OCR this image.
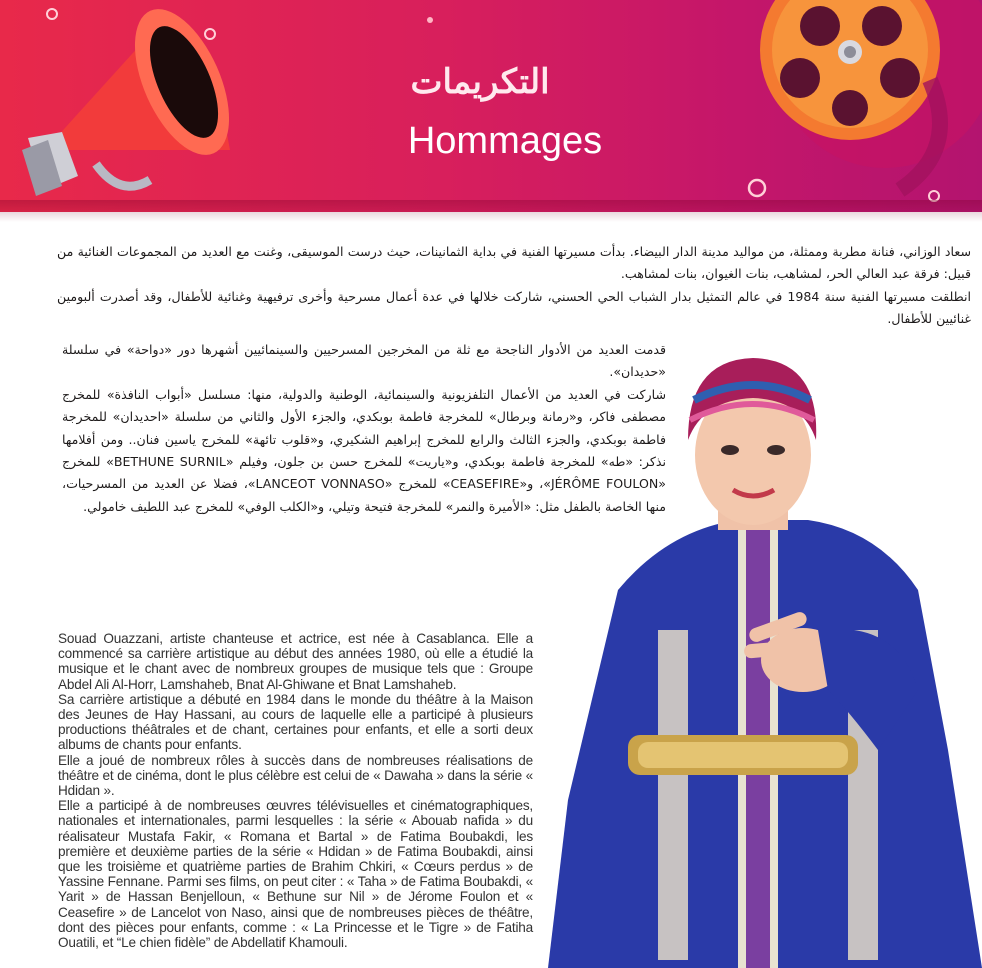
التكريمات
Hommages

سعاد الوزاني، فنانة مطربة وممثلة، من مواليد مدينة الدار البيضاء. بدأت مسيرتها الفنية في بداية الثمانينات، حيث درست الموسيقى، وغنت مع العديد من المجموعات الغنائية من قبيل: فرقة عبد العالي الحر، لمشاهب، بنات الغيوان، بنات لمشاهب.

انطلقت مسيرتها الفنية سنة 1984 في عالم التمثيل بدار الشباب الحي الحسني، شاركت خلالها في عدة أعمال مسرحية وأخرى ترفيهية وغنائية للأطفال، وقد أصدرت ألبومين غنائيين للأطفال.

قدمت العديد من الأدوار الناجحة مع ثلة من المخرجين المسرحيين والسينمائيين أشهرها دور «دواحة» في سلسلة «حديدان».

شاركت في العديد من الأعمال التلفزيونية والسينمائية، الوطنية والدولية، منها: مسلسل «أبواب النافذة» للمخرج مصطفى فاكر، و«رمانة وبرطال» للمخرجة فاطمة بوبكدي، والجزء الأول والثاني من سلسلة «احديدان» للمخرجة فاطمة بوبكدي، والجزء الثالث والرابع للمخرج إبراهيم الشكيري، و«قلوب تائهة» للمخرج ياسين فنان.. ومن أفلامها نذكر: «طه» للمخرجة فاطمة بوبكدي، و«ياريت» للمخرج حسن بن جلون، وفيلم «BETHUNE SURNIL» للمخرج «JÉRÔME FOULON»، و«CEASEFIRE» للمخرج «LANCEOT VONNASO»، فضلا عن العديد من المسرحيات، منها الخاصة بالطفل مثل: «الأميرة والنمر» للمخرجة فتيحة وتيلي، و«الكلب الوفي» للمخرج عبد اللطيف خامولي.

Souad Ouazzani, artiste chanteuse et actrice, est née à Casablanca. Elle a commencé sa carrière artistique au début des années 1980, où elle a étudié la musique et le chant avec de nombreux groupes de musique tels que : Groupe Abdel Ali Al-Horr, Lamshaheb, Bnat Al-Ghiwane et Bnat Lamshaheb.

Sa carrière artistique a débuté en 1984 dans le monde du théâtre à la Maison des Jeunes de Hay Hassani, au cours de laquelle elle a participé à plusieurs productions théâtrales et de chant, certaines pour enfants, et elle a sorti deux albums de chants pour enfants.

Elle a joué de nombreux rôles à succès dans de nombreuses réalisations de théâtre et de cinéma, dont le plus célèbre est celui de « Dawaha » dans la série « Hdidan ».

Elle a participé à de nombreuses œuvres télévisuelles et cinématographiques, nationales et internationales, parmi lesquelles : la série « Abouab nafida » du réalisateur Mustafa Fakir, « Romana et Bartal » de Fatima Boubakdi, les première et deuxième parties de la série « Hdidan » de Fatima Boubakdi, ainsi que les troisième et quatrième parties de Brahim Chkiri, « Cœurs perdus » de Yassine Fennane. Parmi ses films, on peut citer : « Taha » de Fatima Boubakdi, « Yarit » de Hassan Benjelloun, « Bethune sur Nil » de Jérome Foulon et « Ceasefire » de Lancelot von Naso, ainsi que de nombreuses pièces de théâtre, dont des pièces pour enfants, comme : « La Princesse et le Tigre » de Fatiha Ouatili, et “Le chien fidèle” de Abdellatif Khamouli.
